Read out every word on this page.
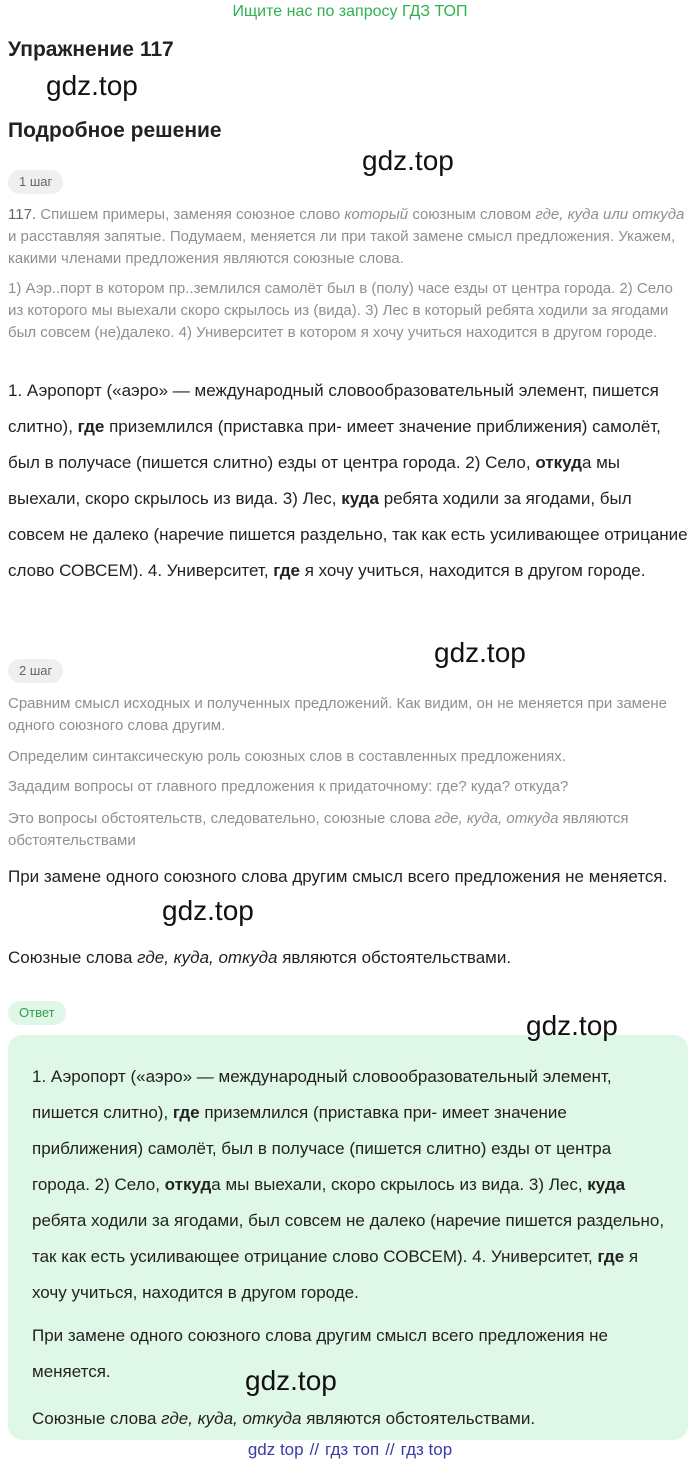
Ищите нас по запросу ГДЗ ТОП
Упражнение 117
gdz.top
Подробное решение
gdz.top
1 шаг
117. Спишем примеры, заменяя союзное слово который союзным словом где, куда или откуда и расставляя запятые. Подумаем, меняется ли при такой замене смысл предложения. Укажем, какими членами предложения являются союзные слова.
1) Аэр..порт в котором пр..землился самолёт был в (полу) часе езды от центра города. 2) Село из которого мы выехали скоро скрылось из (вида). 3) Лес в который ребята ходили за ягодами был совсем (не)далеко. 4) Университет в котором я хочу учиться находится в другом городе.
1. Аэропорт («аэро» — международный словообразовательный элемент, пишется слитно), где приземлился (приставка при- имеет значение приближения) самолёт, был в получасе (пишется слитно) езды от центра города. 2) Село, откуда мы выехали, скоро скрылось из вида. 3) Лес, куда ребята ходили за ягодами, был совсем не далеко (наречие пишется раздельно, так как есть усиливающее отрицание слово СОВСЕМ). 4. Университет, где я хочу учиться, находится в другом городе.
2 шаг
gdz.top
Сравним смысл исходных и полученных предложений. Как видим, он не меняется при замене одного союзного слова другим.
Определим синтаксическую роль союзных слов в составленных предложениях.
Зададим вопросы от главного предложения к придаточному: где? куда? откуда?
Это вопросы обстоятельств, следовательно, союзные слова где, куда, откуда являются обстоятельствами
При замене одного союзного слова другим смысл всего предложения не меняется.
gdz.top
Союзные слова где, куда, откуда являются обстоятельствами.
Ответ
1. Аэропорт («аэро» — международный словообразовательный элемент, пишется слитно), где приземлился (приставка при- имеет значение приближения) самолёт, был в получасе (пишется слитно) езды от центра города. 2) Село, откуда мы выехали, скоро скрылось из вида. 3) Лес, куда ребята ходили за ягодами, был совсем не далеко (наречие пишется раздельно, так как есть усиливающее отрицание слово СОВСЕМ). 4. Университет, где я хочу учиться, находится в другом городе.
При замене одного союзного слова другим смысл всего предложения не меняется.
Союзные слова где, куда, откуда являются обстоятельствами.
gdz.top
gdz.top
gdz top // гдз топ // гдз top
